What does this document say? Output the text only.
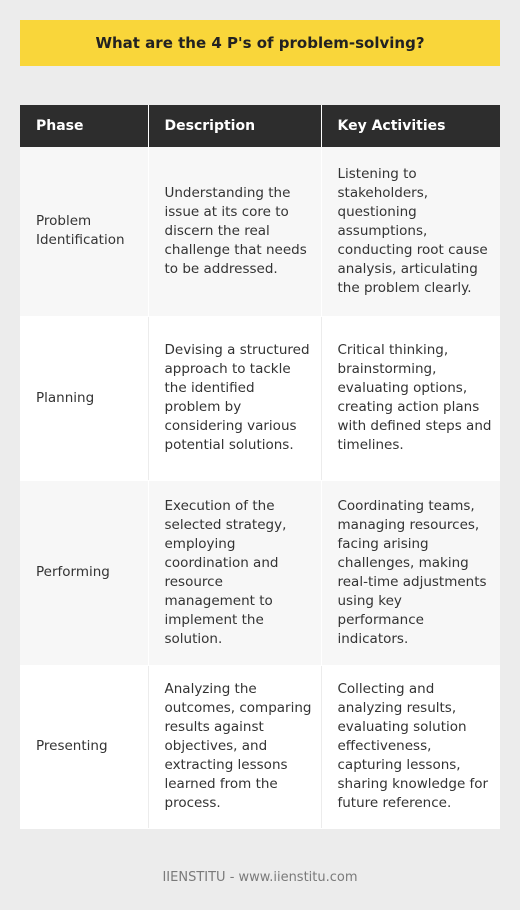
What are the 4 P's of problem-solving?
Phase	Description	Key Activities
Problem Identification	Understanding the issue at its core to discern the real challenge that needs to be addressed.	Listening to stakeholders, questioning assumptions, conducting root cause analysis, articulating the problem clearly.
Planning	Devising a structured approach to tackle the identified problem by considering various potential solutions.	Critical thinking, brainstorming, evaluating options, creating action plans with defined steps and timelines.
Performing	Execution of the selected strategy, employing coordination and resource management to implement the solution.	Coordinating teams, managing resources, facing arising challenges, making real-time adjustments using key performance indicators.
Presenting	Analyzing the outcomes, comparing results against objectives, and extracting lessons learned from the process.	Collecting and analyzing results, evaluating solution effectiveness, capturing lessons, sharing knowledge for future reference.
IIENSTITU - www.iienstitu.com
